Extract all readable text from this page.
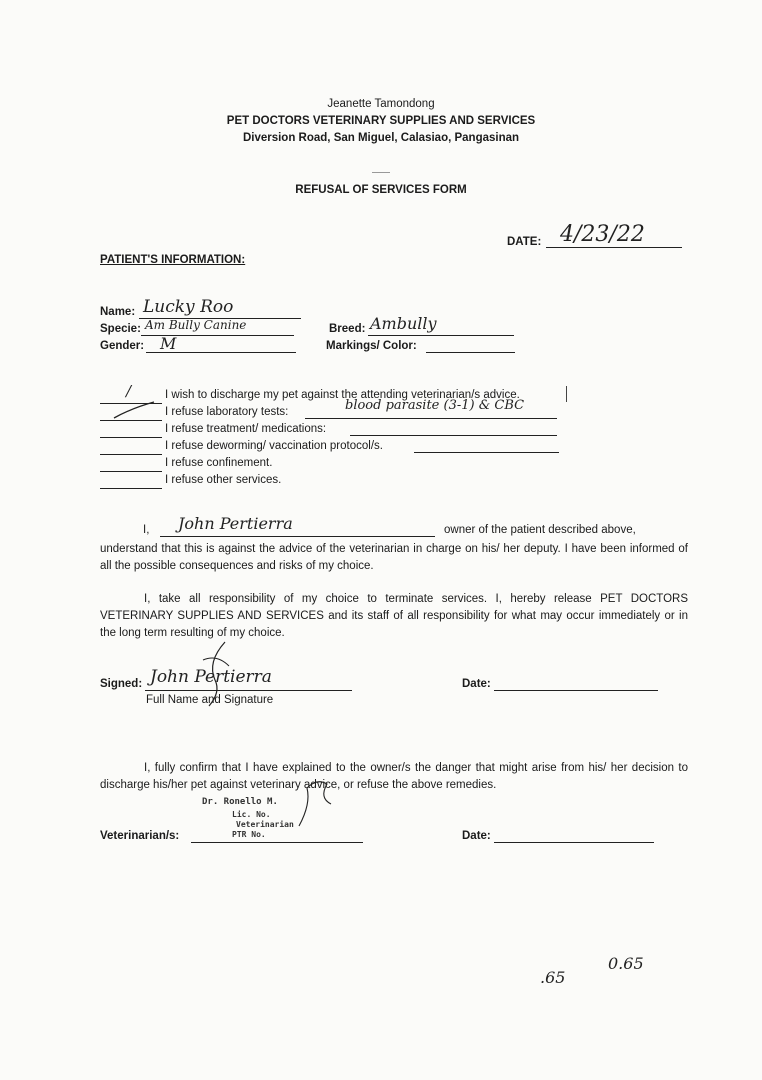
Jeanette Tamondong
PET DOCTORS VETERINARY SUPPLIES AND SERVICES
Diversion Road, San Miguel, Calasiao, Pangasinan
REFUSAL OF SERVICES FORM
DATE: 4/23/22
PATIENT'S INFORMATION:
Name: Lucky Roo
Specie: Am Bully Canine
Gender: M
Breed: Ambully
Markings/ Color:
/	I wish to discharge my pet against the attending veterinarian/s advice.
I refuse laboratory tests:	blood parasite (3-1) & CBC
I refuse treatment/ medications:
I refuse deworming/ vaccination protocol/s.
I refuse confinement.
I refuse other services.
I, John Pertierra	owner of the patient described above,
understand that this is against the advice of the veterinarian in charge on his/ her deputy. I have been informed of all the possible consequences and risks of my choice.
I, take all responsibility of my choice to terminate services. I, hereby release PET DOCTORS VETERINARY SUPPLIES AND SERVICES and its staff of all responsibility for what may occur immediately or in the long term resulting of my choice.
Signed: John Pertierra
Full Name and Signature
Date:
I, fully confirm that I have explained to the owner/s the danger that might arise from his/ her decision to discharge his/her pet against veterinary advice, or refuse the above remedies.
Dr. Ronello M.
Lic. No.
Veterinarian
PTR No.
Veterinarian/s:	Date:
.65
0.65
